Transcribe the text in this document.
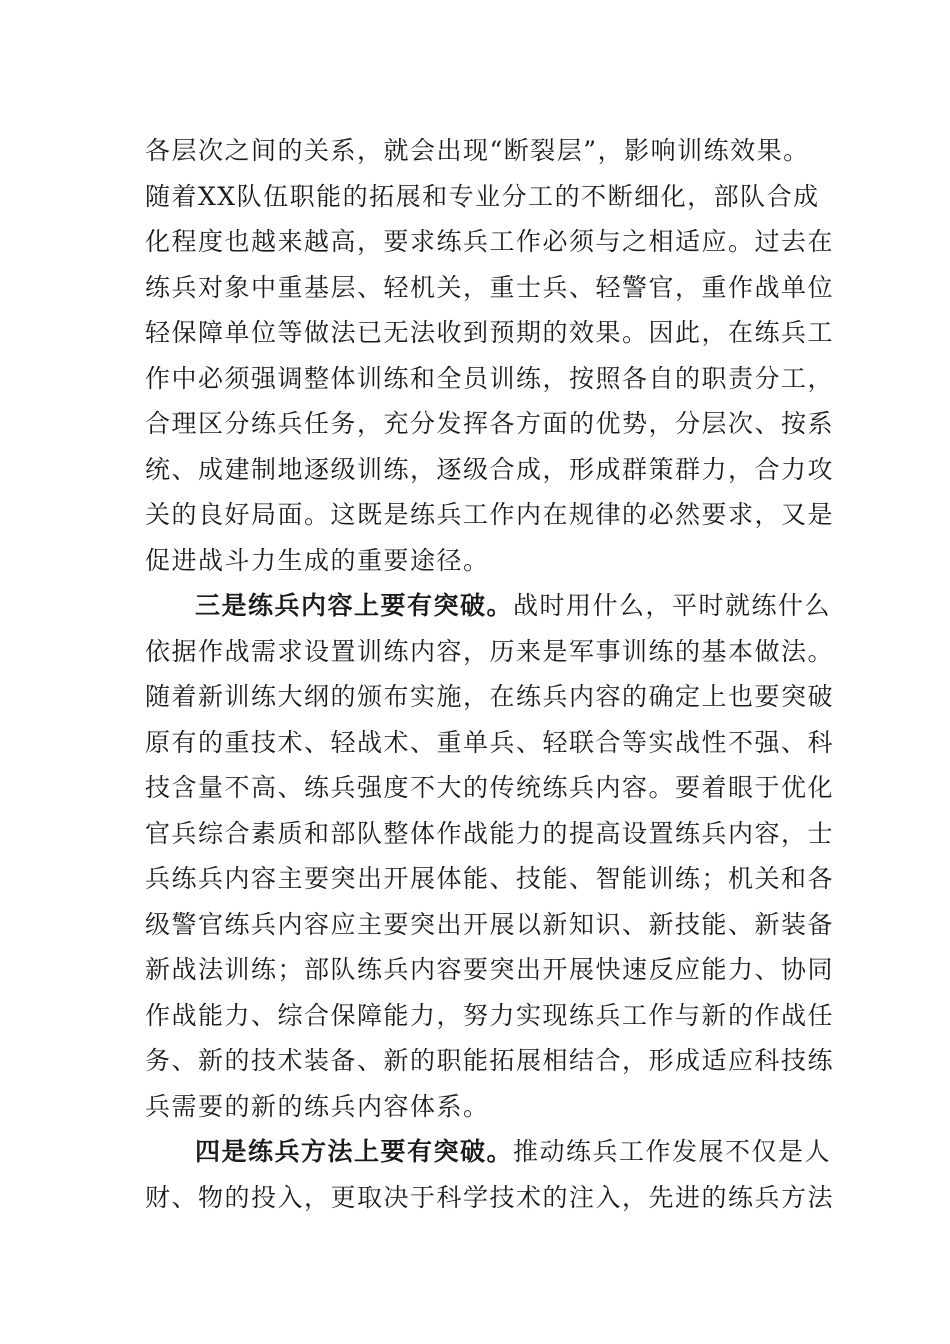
各层次之间的关系，就会出现“断裂层”，影响训练效果。
随着XX队伍职能的拓展和专业分工的不断细化，部队合成
化程度也越来越高，要求练兵工作必须与之相适应。过去在
练兵对象中重基层、轻机关，重士兵、轻警官，重作战单位
轻保障单位等做法已无法收到预期的效果。因此，在练兵工
作中必须强调整体训练和全员训练，按照各自的职责分工，
合理区分练兵任务，充分发挥各方面的优势，分层次、按系
统、成建制地逐级训练，逐级合成，形成群策群力，合力攻
关的良好局面。这既是练兵工作内在规律的必然要求，又是
促进战斗力生成的重要途径。
三是练兵内容上要有突破。战时用什么，平时就练什么
依据作战需求设置训练内容，历来是军事训练的基本做法。
随着新训练大纲的颁布实施，在练兵内容的确定上也要突破
原有的重技术、轻战术、重单兵、轻联合等实战性不强、科
技含量不高、练兵强度不大的传统练兵内容。要着眼于优化
官兵综合素质和部队整体作战能力的提高设置练兵内容，士
兵练兵内容主要突出开展体能、技能、智能训练；机关和各
级警官练兵内容应主要突出开展以新知识、新技能、新装备
新战法训练；部队练兵内容要突出开展快速反应能力、协同
作战能力、综合保障能力，努力实现练兵工作与新的作战任
务、新的技术装备、新的职能拓展相结合，形成适应科技练
兵需要的新的练兵内容体系。
四是练兵方法上要有突破。推动练兵工作发展不仅是人
财、物的投入，更取决于科学技术的注入，先进的练兵方法
